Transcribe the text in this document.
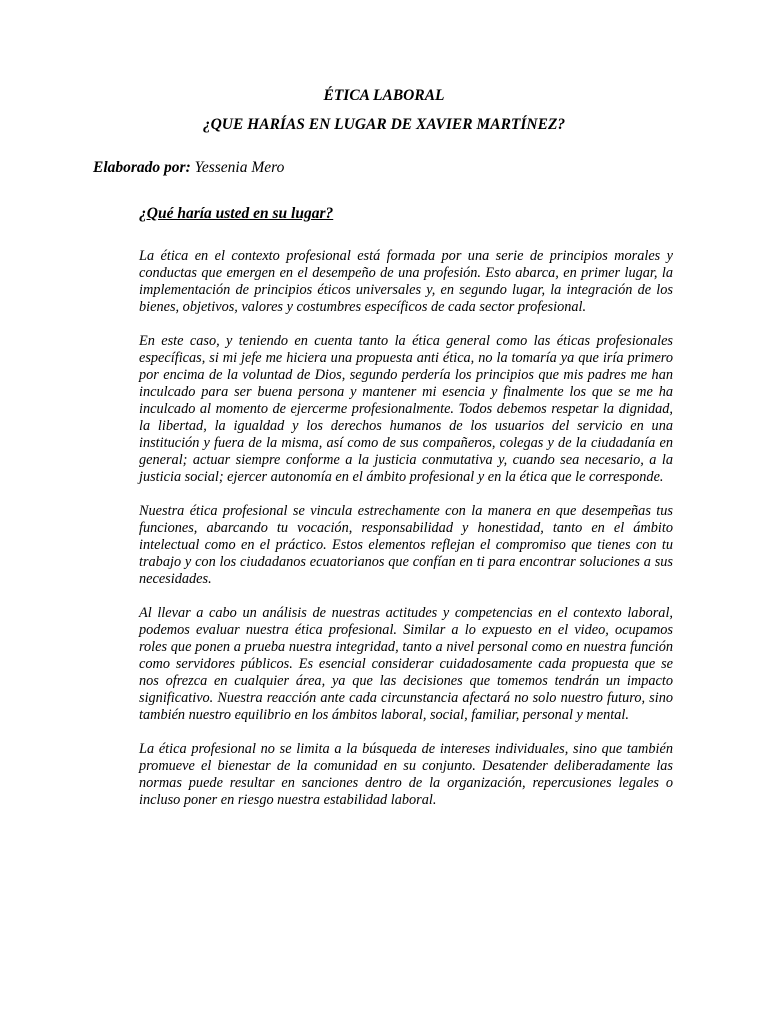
ÉTICA LABORAL
¿QUE HARÍAS EN LUGAR DE XAVIER MARTÍNEZ?

Elaborado por: Yessenia Mero

¿Qué haría usted en su lugar?

La ética en el contexto profesional está formada por una serie de principios morales y conductas que emergen en el desempeño de una profesión. Esto abarca, en primer lugar, la implementación de principios éticos universales y, en segundo lugar, la integración de los bienes, objetivos, valores y costumbres específicos de cada sector profesional.

En este caso, y teniendo en cuenta tanto la ética general como las éticas profesionales específicas, si mi jefe me hiciera una propuesta anti ética, no la tomaría ya que iría primero por encima de la voluntad de Dios, segundo perdería los principios que mis padres me han inculcado para ser buena persona y mantener mi esencia y finalmente los que se me ha inculcado al momento de ejercerme profesionalmente. Todos debemos respetar la dignidad, la libertad, la igualdad y los derechos humanos de los usuarios del servicio en una institución y fuera de la misma, así como de sus compañeros, colegas y de la ciudadanía en general; actuar siempre conforme a la justicia conmutativa y, cuando sea necesario, a la justicia social; ejercer autonomía en el ámbito profesional y en la ética que le corresponde.

Nuestra ética profesional se vincula estrechamente con la manera en que desempeñas tus funciones, abarcando tu vocación, responsabilidad y honestidad, tanto en el ámbito intelectual como en el práctico. Estos elementos reflejan el compromiso que tienes con tu trabajo y con los ciudadanos ecuatorianos que confían en ti para encontrar soluciones a sus necesidades.

Al llevar a cabo un análisis de nuestras actitudes y competencias en el contexto laboral, podemos evaluar nuestra ética profesional. Similar a lo expuesto en el video, ocupamos roles que ponen a prueba nuestra integridad, tanto a nivel personal como en nuestra función como servidores públicos. Es esencial considerar cuidadosamente cada propuesta que se nos ofrezca en cualquier área, ya que las decisiones que tomemos tendrán un impacto significativo. Nuestra reacción ante cada circunstancia afectará no solo nuestro futuro, sino también nuestro equilibrio en los ámbitos laboral, social, familiar, personal y mental.

La ética profesional no se limita a la búsqueda de intereses individuales, sino que también promueve el bienestar de la comunidad en su conjunto. Desatender deliberadamente las normas puede resultar en sanciones dentro de la organización, repercusiones legales o incluso poner en riesgo nuestra estabilidad laboral.
